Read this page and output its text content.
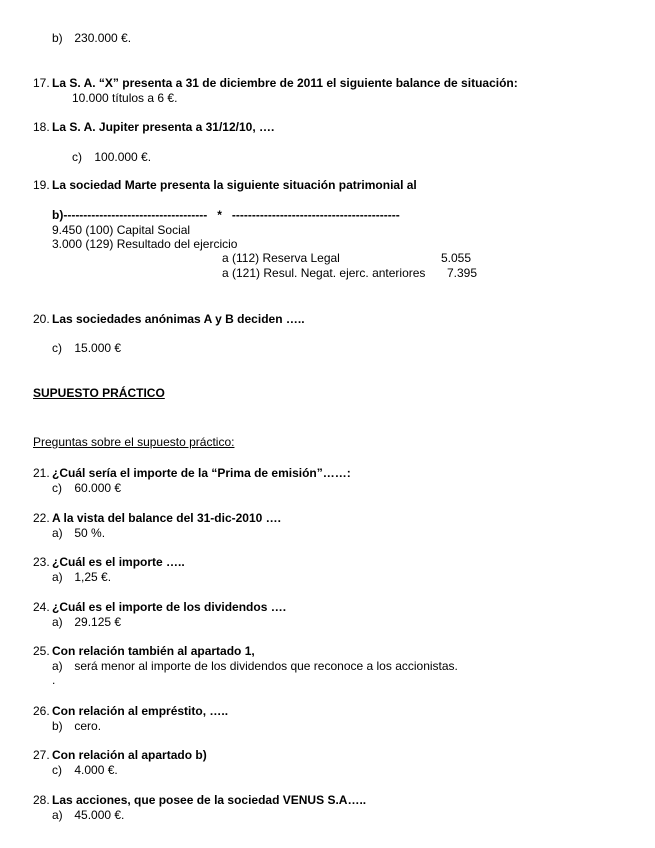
b) 230.000 €.
17. La S. A. “X” presenta a 31 de diciembre de 2011 el siguiente balance de situación:
10.000 títulos a 6 €.
18. La S. A. Jupiter presenta a 31/12/10, ….
c) 100.000 €.
19. La sociedad Marte presenta la siguiente situación patrimonial al
b)------------------------------------   *   ------------------------------------------
9.450 (100) Capital Social
3.000 (129) Resultado del ejercicio
a (112) Reserva Legal	5.055
a (121) Resul. Negat. ejerc. anteriores 7.395
20. Las sociedades anónimas A y B deciden …..
c) 15.000 €
SUPUESTO PRÁCTICO
Preguntas sobre el supuesto práctico:
21. ¿Cuál sería el importe de la “Prima de emisión”……:
c) 60.000 €
22. A la vista del balance del 31-dic-2010 ….
a) 50 %.
23. ¿Cuál es el importe …..
a) 1,25 €.
24. ¿Cuál es el importe de los dividendos ….
a) 29.125 €
25. Con relación también al apartado 1,
a) será menor al importe de los dividendos que reconoce a los accionistas.
.
26. Con relación al empréstito, …..
b) cero.
27. Con relación al apartado b)
c) 4.000 €.
28. Las acciones, que posee de la sociedad VENUS S.A…..
a) 45.000 €.
